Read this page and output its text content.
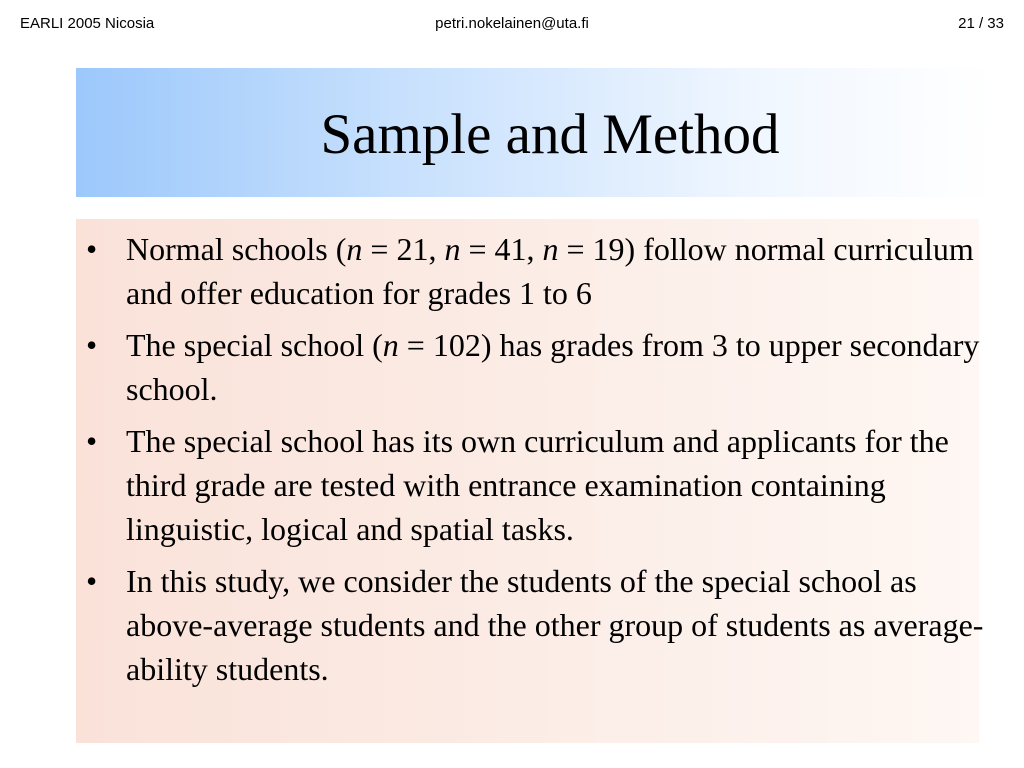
EARLI 2005 Nicosia	petri.nokelainen@uta.fi	21 / 33
Sample and Method
• Normal schools (n = 21, n = 41, n = 19) follow normal curriculum and offer education for grades 1 to 6
• The special school (n = 102) has grades from 3 to upper secondary school.
• The special school has its own curriculum and applicants for the third grade are tested with entrance examination containing linguistic, logical and spatial tasks.
• In this study, we consider the students of the special school as above-average students and the other group of students as average-ability students.
